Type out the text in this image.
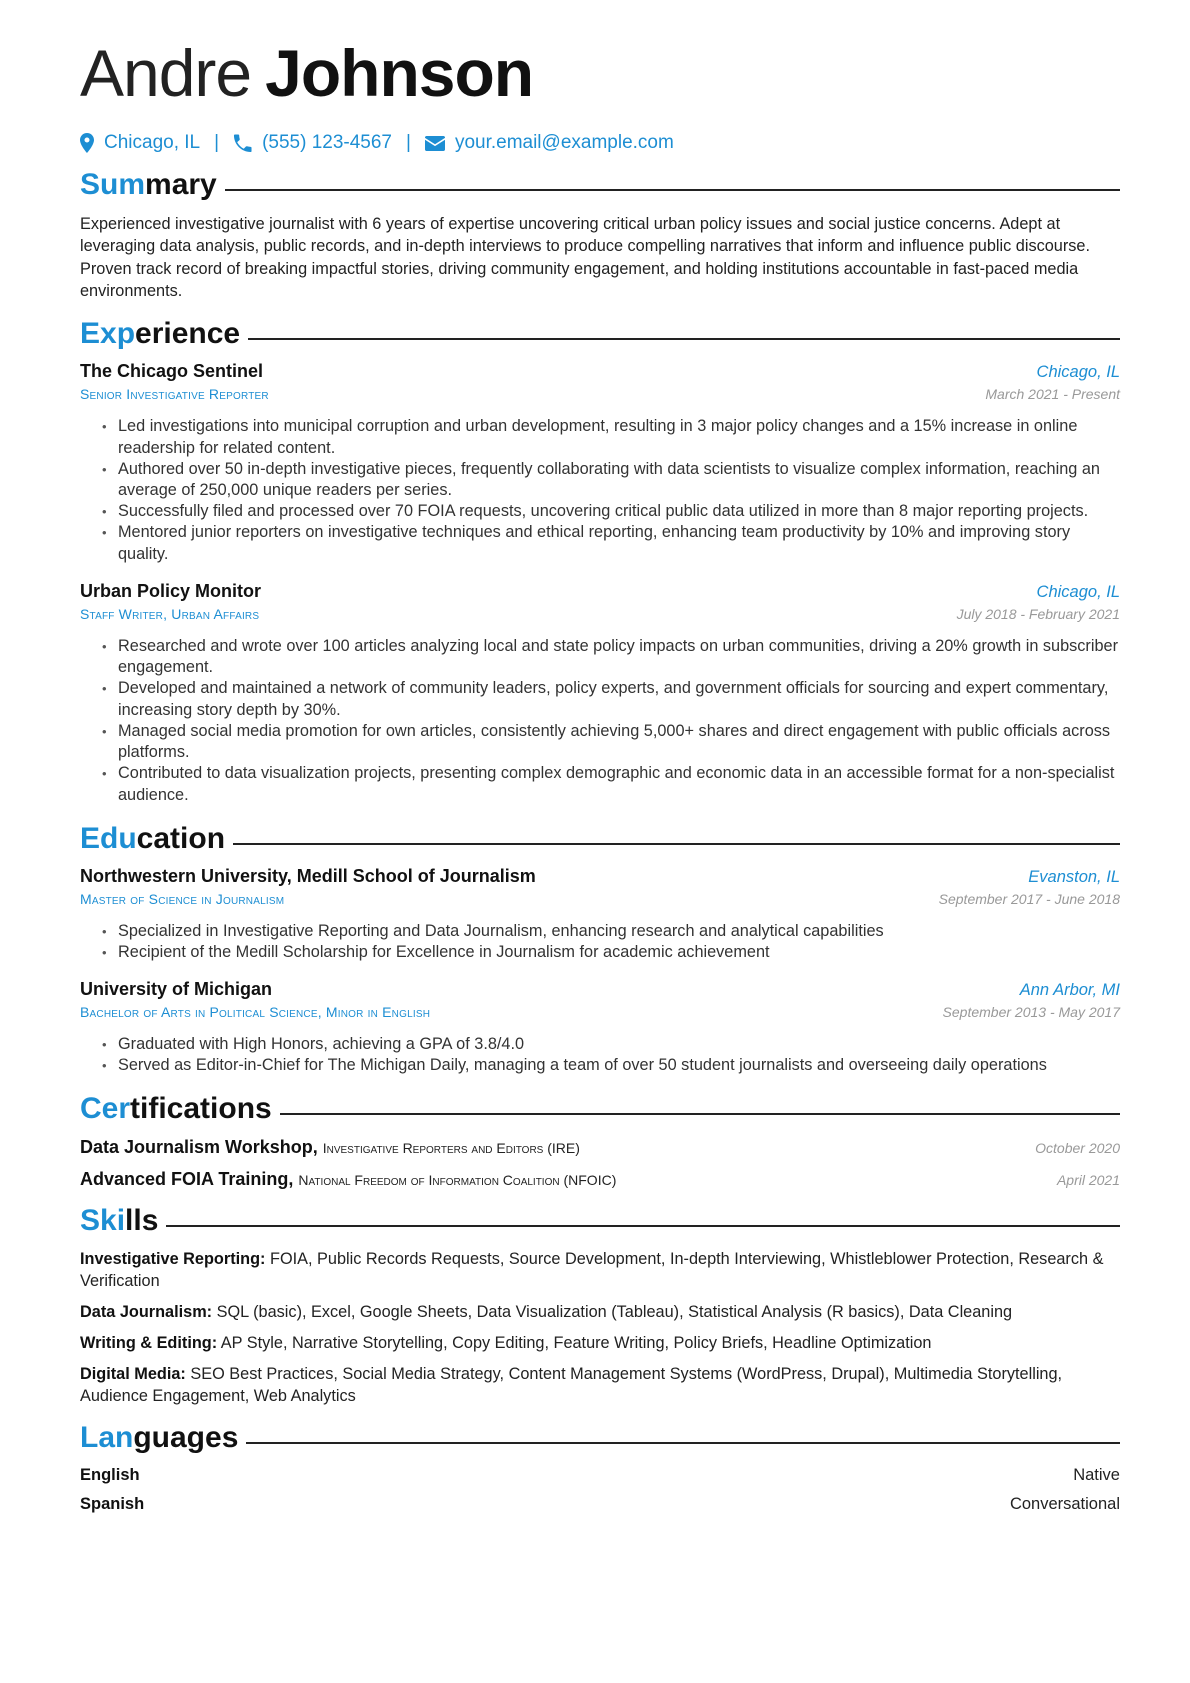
Andre Johnson
Chicago, IL | (555) 123-4567 | your.email@example.com
Summary

Experienced investigative journalist with 6 years of expertise uncovering critical urban policy issues and social justice concerns. Adept at leveraging data analysis, public records, and in-depth interviews to produce compelling narratives that inform and influence public discourse. Proven track record of breaking impactful stories, driving community engagement, and holding institutions accountable in fast-paced media environments.

Experience
The Chicago Sentinel	Chicago, IL
Senior Investigative Reporter	March 2021 - Present
• Led investigations into municipal corruption and urban development, resulting in 3 major policy changes and a 15% increase in online readership for related content.
• Authored over 50 in-depth investigative pieces, frequently collaborating with data scientists to visualize complex information, reaching an average of 250,000 unique readers per series.
• Successfully filed and processed over 70 FOIA requests, uncovering critical public data utilized in more than 8 major reporting projects.
• Mentored junior reporters on investigative techniques and ethical reporting, enhancing team productivity by 10% and improving story quality.
Urban Policy Monitor	Chicago, IL
Staff Writer, Urban Affairs	July 2018 - February 2021
• Researched and wrote over 100 articles analyzing local and state policy impacts on urban communities, driving a 20% growth in subscriber engagement.
• Developed and maintained a network of community leaders, policy experts, and government officials for sourcing and expert commentary, increasing story depth by 30%.
• Managed social media promotion for own articles, consistently achieving 5,000+ shares and direct engagement with public officials across platforms.
• Contributed to data visualization projects, presenting complex demographic and economic data in an accessible format for a non-specialist audience.
Education
Northwestern University, Medill School of Journalism	Evanston, IL
Master of Science in Journalism	September 2017 - June 2018
• Specialized in Investigative Reporting and Data Journalism, enhancing research and analytical capabilities
• Recipient of the Medill Scholarship for Excellence in Journalism for academic achievement
University of Michigan	Ann Arbor, MI
Bachelor of Arts in Political Science, Minor in English	September 2013 - May 2017
• Graduated with High Honors, achieving a GPA of 3.8/4.0
• Served as Editor-in-Chief for The Michigan Daily, managing a team of over 50 student journalists and overseeing daily operations
Certifications
Data Journalism Workshop, Investigative Reporters and Editors (IRE)	October 2020
Advanced FOIA Training, National Freedom of Information Coalition (NFOIC)	April 2021
Skills

Investigative Reporting: FOIA, Public Records Requests, Source Development, In-depth Interviewing, Whistleblower Protection, Research & Verification

Data Journalism: SQL (basic), Excel, Google Sheets, Data Visualization (Tableau), Statistical Analysis (R basics), Data Cleaning

Writing & Editing: AP Style, Narrative Storytelling, Copy Editing, Feature Writing, Policy Briefs, Headline Optimization

Digital Media: SEO Best Practices, Social Media Strategy, Content Management Systems (WordPress, Drupal), Multimedia Storytelling, Audience Engagement, Web Analytics

Languages
English	Native
Spanish	Conversational
